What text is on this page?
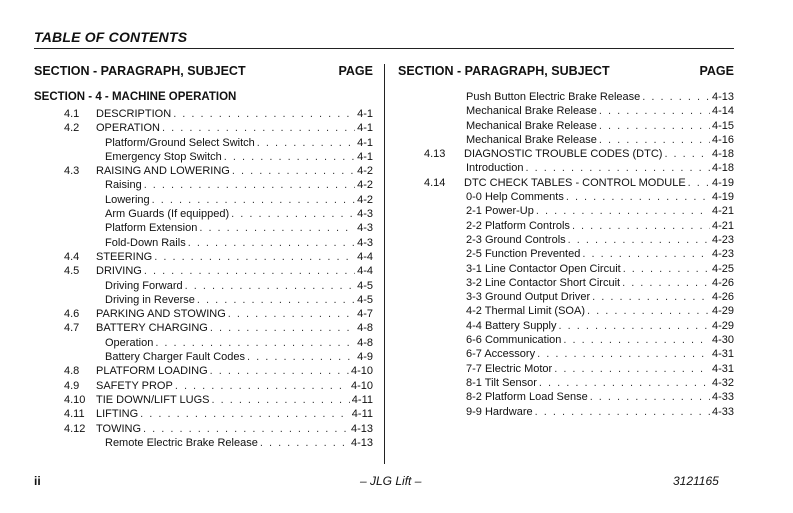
TABLE OF CONTENTS
SECTION - PARAGRAPH, SUBJECT	PAGE
SECTION - 4 - MACHINE OPERATION
4.1	DESCRIPTION . . .	4-1
4.2	OPERATION . . .	4-1
Platform/Ground Select Switch . . .	4-1
Emergency Stop Switch . . .	4-1
4.3	RAISING AND LOWERING . . .	4-2
Raising . . .	4-2
Lowering . . .	4-2
Arm Guards (If equipped) . . .	4-3
Platform Extension . . .	4-3
Fold-Down Rails . . .	4-3
4.4	STEERING . . .	4-4
4.5	DRIVING . . .	4-4
Driving Forward . . .	4-5
Driving in Reverse . . .	4-5
4.6	PARKING AND STOWING . . .	4-7
4.7	BATTERY CHARGING . . .	4-8
Operation . . .	4-8
Battery Charger Fault Codes . . .	4-9
4.8	PLATFORM LOADING . . .	4-10
4.9	SAFETY PROP . . .	4-10
4.10 TIE DOWN/LIFT LUGS . . .	4-11
4.11	LIFTING . . .	4-11
4.12 TOWING . . .	4-13
Remote Electric Brake Release . . .	4-13
SECTION - PARAGRAPH, SUBJECT	PAGE
Push Button Electric Brake Release . . .	4-13
Mechanical Brake Release . . .	4-14
Mechanical Brake Release . . .	4-15
Mechanical Brake Release . . .	4-16
4.13	DIAGNOSTIC TROUBLE CODES (DTC) . . .	4-18
Introduction . . .	4-18
4.14	DTC CHECK TABLES - CONTROL MODULE . . . 4-19
0-0 Help Comments . . .	4-19
2-1 Power-Up . . .	4-21
2-2 Platform Controls . . .	4-21
2-3 Ground Controls . . .	4-23
2-5 Function Prevented . . .	4-23
3-1 Line Contactor Open Circuit . . .	4-25
3-2 Line Contactor Short Circuit . . .	4-26
3-3 Ground Output Driver . . .	4-26
4-2 Thermal Limit (SOA) . . .	4-29
4-4 Battery Supply . . .	4-29
6-6 Communication . . .	4-30
6-7 Accessory . . .	4-31
7-7 Electric Motor . . .	4-31
8-1 Tilt Sensor . . .	4-32
8-2 Platform Load Sense . . .	4-33
9-9 Hardware . . .	4-33
ii	– JLG Lift –	3121165
